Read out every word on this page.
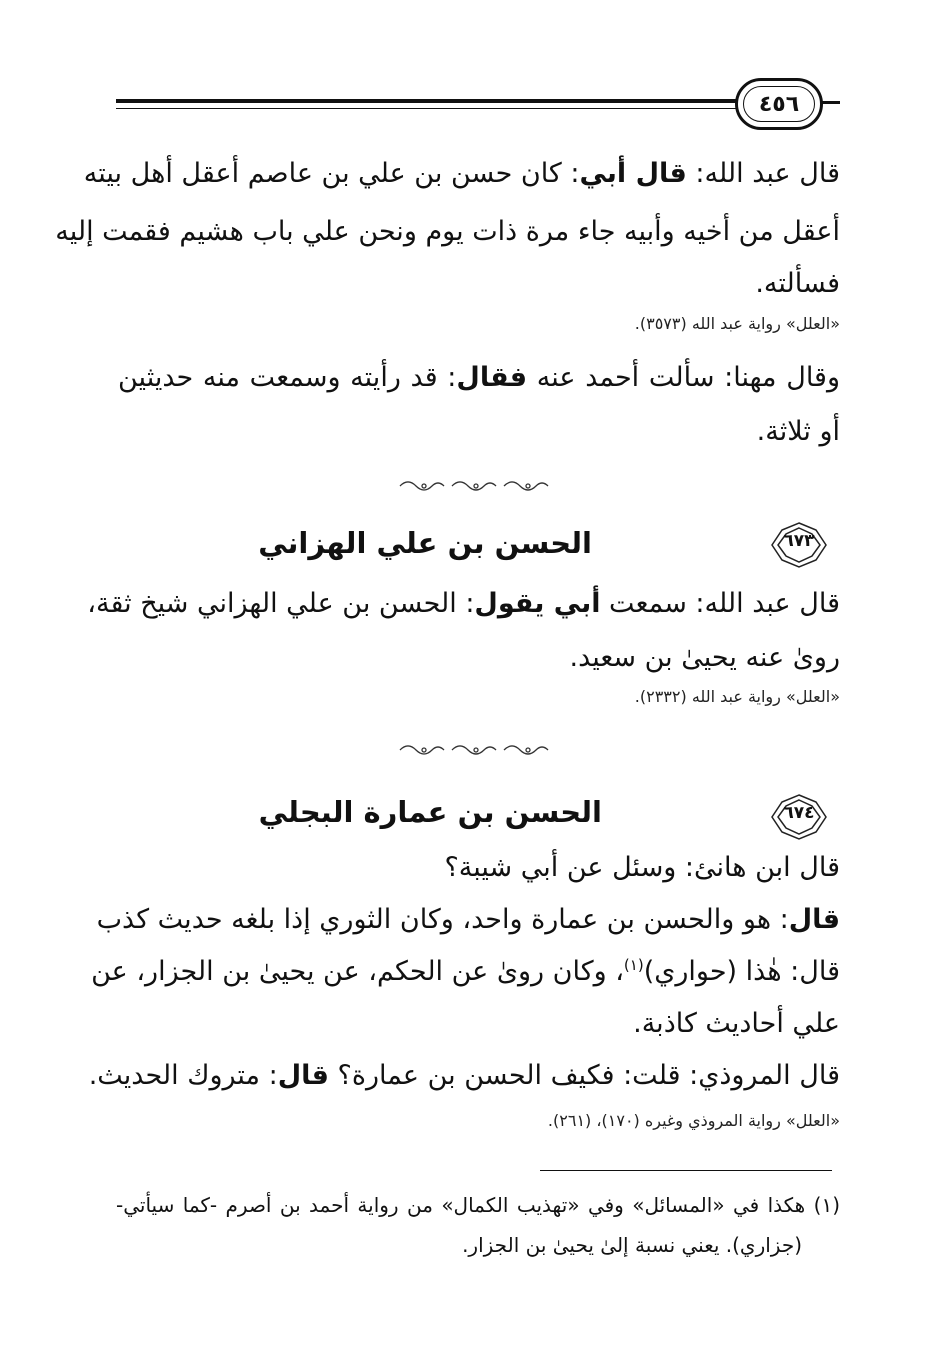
٤٥٦
قال عبد الله: قال أبي: كان حسن بن علي بن عاصم أعقل أهل بيته
أعقل من أخيه وأبيه جاء مرة ذات يوم ونحن علي باب هشيم فقمت إليه
فسألته.
«العلل» رواية عبد الله (٣٥٧٣).
وقال مهنا: سألت أحمد عنه فقال: قد رأيته وسمعت منه حديثين
أو ثلاثة.
٦٧٣
الحسن بن علي الهزاني
قال عبد الله: سمعت أبي يقول: الحسن بن علي الهزاني شيخ ثقة،
رویٰ عنه یحییٰ بن سعید.
«العلل» رواية عبد الله (٢٣٣٢).
٦٧٤
الحسن بن عمارة البجلي
قال ابن هانئ: وسئل عن أبي شيبة؟
قال: هو والحسن بن عمارة واحد، وكان الثوري إذا بلغه حديث كذب
قال: هٰذا (حواري)$^{(١)}$، وكان رویٰ عن الحكم، عن یحییٰ بن الجزار، عن
علي أحاديث كاذبة.
قال المروذي: قلت: فكيف الحسن بن عمارة؟ قال: متروك الحديث.
«العلل» رواية المروذي وغيره (١٧٠)، (٢٦١).
(١) هكذا في «المسائل» وفي «تهذيب الكمال» من رواية أحمد بن أصرم -كما سيأتي-
(جزاري). يعني نسبة إلیٰ یحییٰ بن الجزار.
